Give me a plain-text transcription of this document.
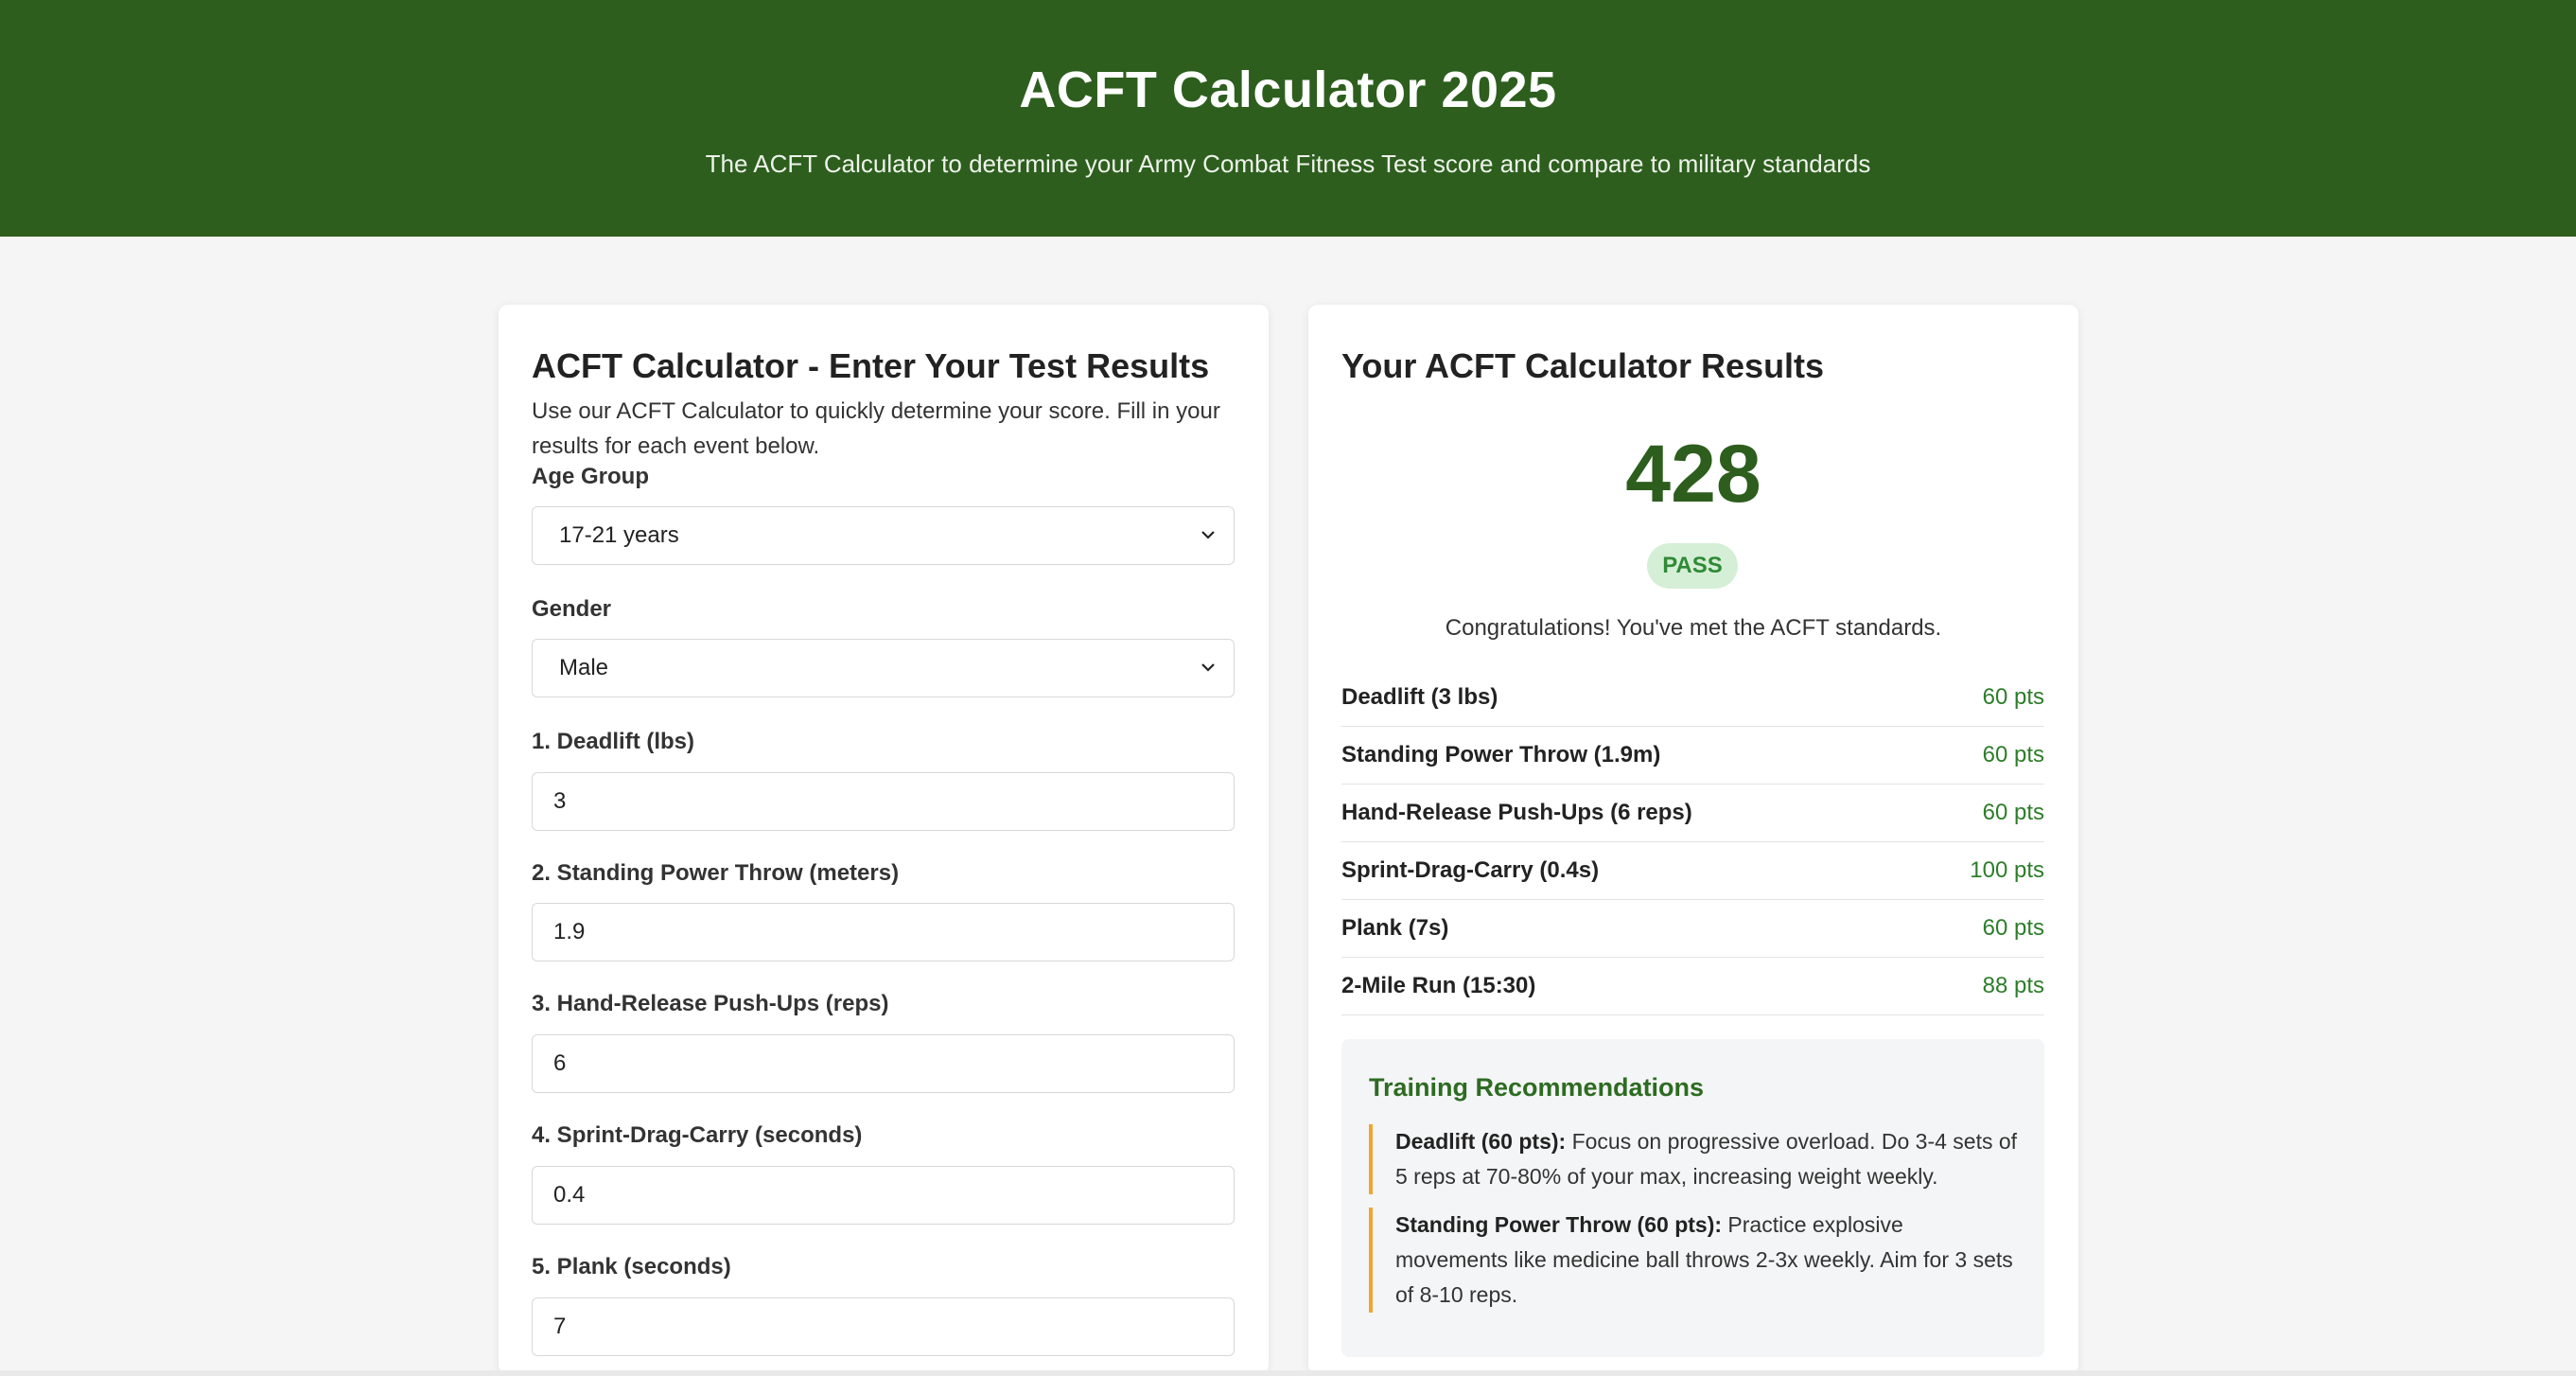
ACFT Calculator 2025

The ACFT Calculator to determine your Army Combat Fitness Test score and compare to military standards

ACFT Calculator - Enter Your Test Results
Use our ACFT Calculator to quickly determine your score. Fill in your results for each event below.
Age Group
17-21 years
Gender
Male
1. Deadlift (lbs)
3
2. Standing Power Throw (meters)
1.9
3. Hand-Release Push-Ups (reps)
6
4. Sprint-Drag-Carry (seconds)
0.4
5. Plank (seconds)
7
Your ACFT Calculator Results
428
PASS
Congratulations! You've met the ACFT standards.
Deadlift (3 lbs)	60 pts
Standing Power Throw (1.9m)	60 pts
Hand-Release Push-Ups (6 reps)	60 pts
Sprint-Drag-Carry (0.4s)	100 pts
Plank (7s)	60 pts
2-Mile Run (15:30)	88 pts
Training Recommendations
Deadlift (60 pts): Focus on progressive overload. Do 3-4 sets of 5 reps at 70-80% of your max, increasing weight weekly.
Standing Power Throw (60 pts): Practice explosive movements like medicine ball throws 2-3x weekly. Aim for 3 sets of 8-10 reps.
